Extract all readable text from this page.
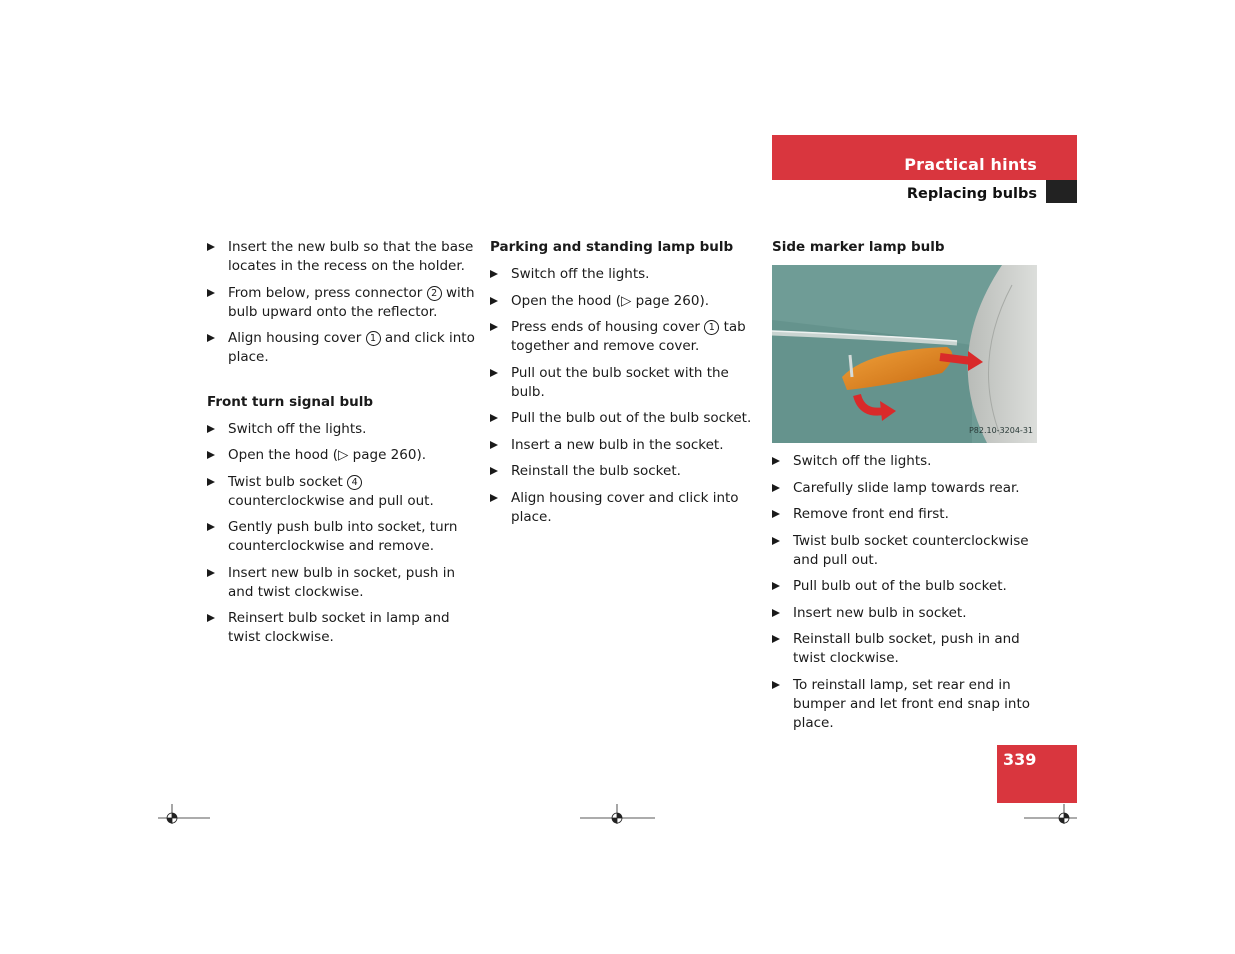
Practical hints
Replacing bulbs
Insert the new bulb so that the base locates in the recess on the holder.
From below, press connector 2 with bulb upward onto the reflector.
Align housing cover 1 and click into place.
Front turn signal bulb
Switch off the lights.
Open the hood (▷ page 260).
Twist bulb socket 4 counterclockwise and pull out.
Gently push bulb into socket, turn counterclockwise and remove.
Insert new bulb in socket, push in and twist clockwise.
Reinsert bulb socket in lamp and twist clockwise.
Parking and standing lamp bulb
Switch off the lights.
Open the hood (▷ page 260).
Press ends of housing cover 1 tab together and remove cover.
Pull out the bulb socket with the bulb.
Pull the bulb out of the bulb socket.
Insert a new bulb in the socket.
Reinstall the bulb socket.
Align housing cover and click into place.
Side marker lamp bulb
P82.10-3204-31
Switch off the lights.
Carefully slide lamp towards rear.
Remove front end first.
Twist bulb socket counterclockwise and pull out.
Pull bulb out of the bulb socket.
Insert new bulb in socket.
Reinstall bulb socket, push in and twist clockwise.
To reinstall lamp, set rear end in bumper and let front end snap into place.
339
